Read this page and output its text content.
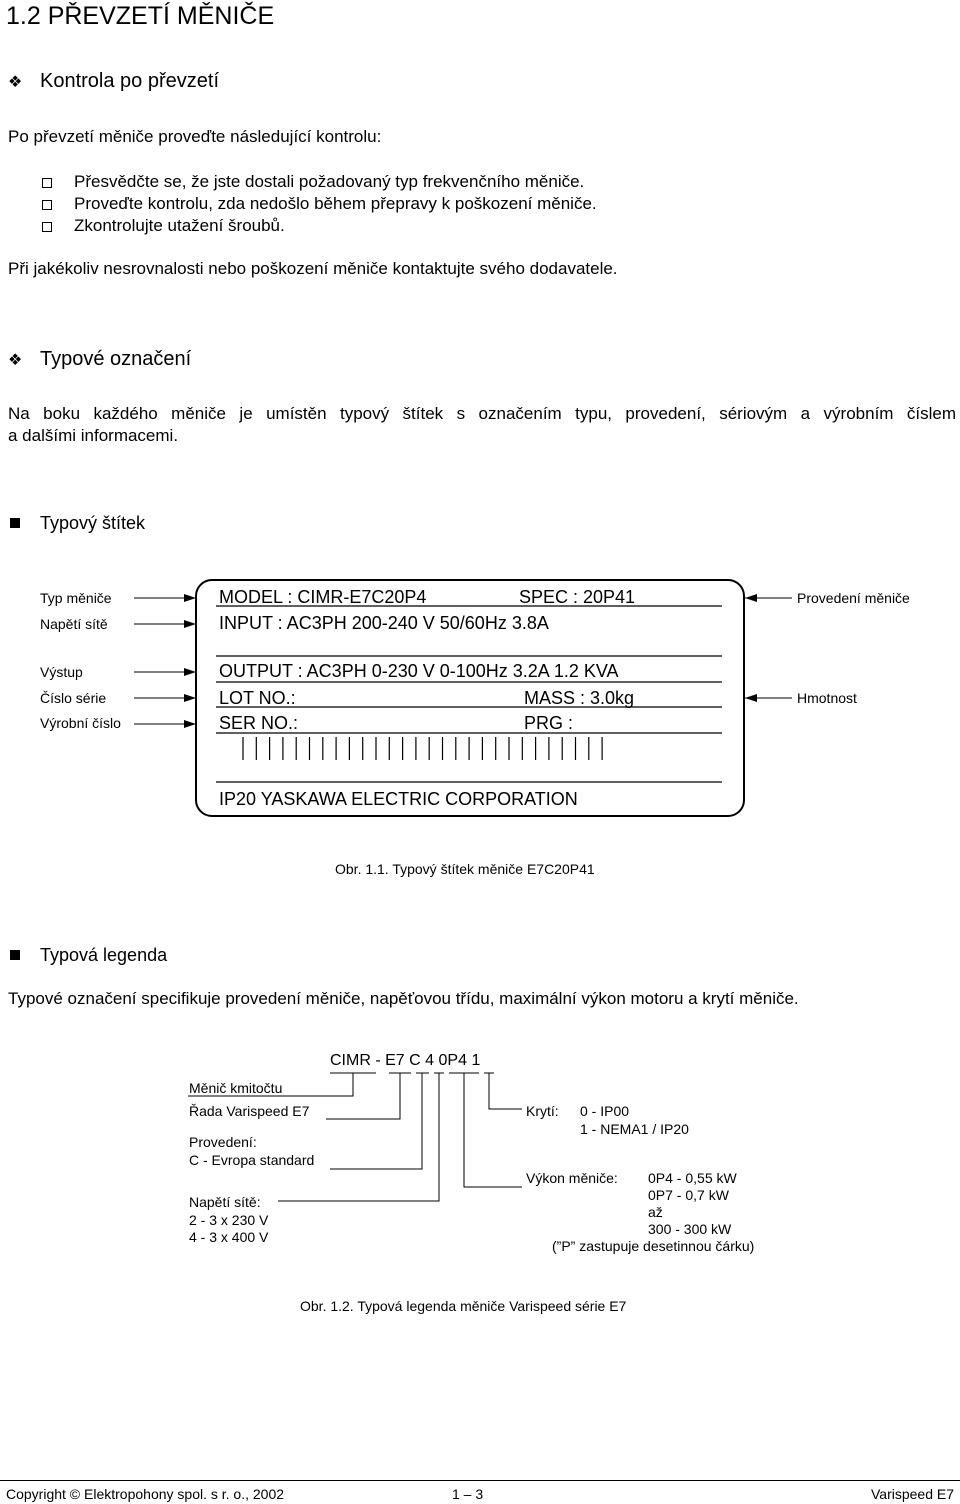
1.2 PŘEVZETÍ MĚNIČE
❖ Kontrola po převzetí
Po převzetí měniče proveďte následující kontrolu:
Přesvědčte se, že jste dostali požadovaný typ frekvenčního měniče.
Proveďte kontrolu, zda nedošlo během přepravy k poškození měniče.
Zkontrolujte utažení šroubů.
Při jakékoliv nesrovnalosti nebo poškození měniče kontaktujte svého dodavatele.
❖ Typové označení
Na boku každého měniče je umístěn typový štítek s označením typu, provedení, sériovým a výrobním číslem
a dalšími informacemi.
Typový štítek
Typ měniče
Napětí sítě
Výstup
Číslo série
Výrobní číslo
Provedení měniče
Hmotnost
MODEL : CIMR-E7C20P4	SPEC : 20P41
INPUT : AC3PH 200-240 V 50/60Hz 3.8A
OUTPUT : AC3PH 0-230 V 0-100Hz 3.2A 1.2 KVA
LOT NO.:	MASS : 3.0kg
SER NO.:	PRG :
IP20 YASKAWA ELECTRIC CORPORATION
Obr. 1.1. Typový štítek měniče E7C20P41
Typová legenda
Typové označení specifikuje provedení měniče, napěťovou třídu, maximální výkon motoru a krytí měniče.
CIMR - E7 C 4 0P4 1
Měnič kmitočtu
Řada Varispeed E7
Provedení:
C - Evropa standard
Napětí sítě:
2 - 3 x 230 V
4 - 3 x 400 V
Krytí: 0 - IP00
1 - NEMA1 / IP20
Výkon měniče: 0P4 - 0,55 kW
0P7 - 0,7 kW
až
300 - 300 kW
(”P” zastupuje desetinnou čárku)
Obr. 1.2. Typová legenda měniče Varispeed série E7
Copyright © Elektropohony spol. s r. o., 2002	1 – 3	Varispeed E7
